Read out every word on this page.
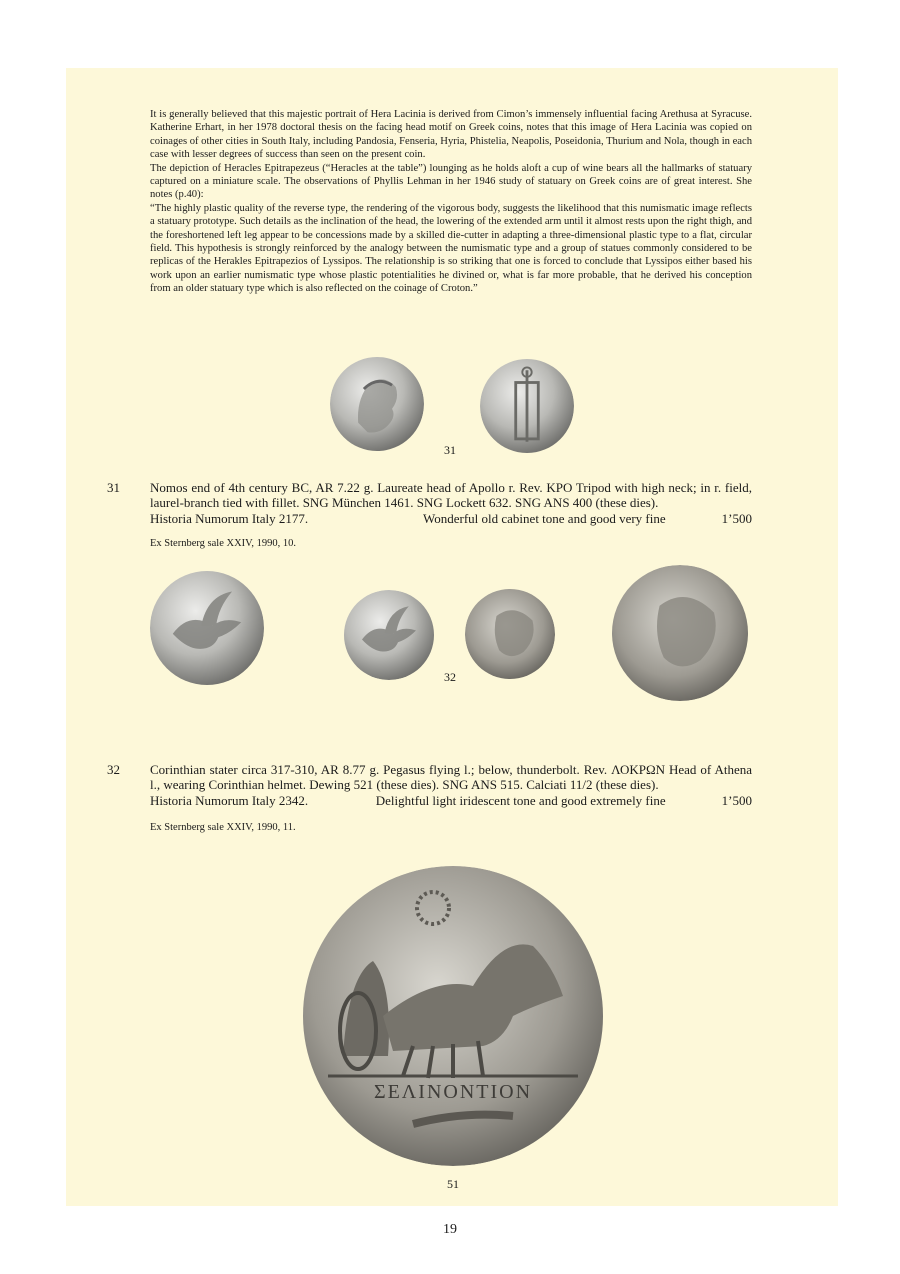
It is generally believed that this majestic portrait of Hera Lacinia is derived from Cimon’s immensely influential facing Arethusa at Syracuse. Katherine Erhart, in her 1978 doctoral thesis on the facing head motif on Greek coins, notes that this image of Hera Lacinia was copied on coinages of other cities in South Italy, including Pandosia, Fenseria, Hyria, Phistelia, Neapolis, Poseidonia, Thurium and Nola, though in each case with lesser degrees of success than seen on the present coin.

The depiction of Heracles Epitrapezeus (“Heracles at the table”) lounging as he holds aloft a cup of wine bears all the hallmarks of statuary captured on a miniature scale. The observations of Phyllis Lehman in her 1946 study of statuary on Greek coins are of great interest. She notes (p.40):

“The highly plastic quality of the reverse type, the rendering of the vigorous body, suggests the likelihood that this numismatic image reflects a statuary prototype. Such details as the inclination of the head, the lowering of the extended arm until it almost rests upon the right thigh, and the foreshortened left leg appear to be concessions made by a skilled die-cutter in adapting a three-dimensional plastic type to a flat, circular field. This hypothesis is strongly reinforced by the analogy between the numismatic type and a group of statues commonly considered to be replicas of the Herakles Epitrapezios of Lyssipos. The relationship is so striking that one is forced to conclude that Lyssipos either based his work upon an earlier numismatic type whose plastic potentialities he divined or, what is far more probable, that he derived his conception from an older statuary type which is also reflected on the coinage of Croton.”

31
31 Nomos end of 4th century BC, AR 7.22 g. Laureate head of Apollo r. Rev. KPO Tripod with high neck; in r. field, laurel-branch tied with fillet. SNG München 1461. SNG Lockett 632. SNG ANS 400 (these dies).
Historia Numorum Italy 2177.	Wonderful old cabinet tone and good very fine	1’500
Ex Sternberg sale XXIV, 1990, 10.
32
32 Corinthian stater circa 317-310, AR 8.77 g. Pegasus flying l.; below, thunderbolt. Rev. ΛΟΚΡΩΝ Head of Athena l., wearing Corinthian helmet. Dewing 521 (these dies). SNG ANS 515. Calciati 11/2 (these dies).
Historia Numorum Italy 2342.	Delightful light iridescent tone and good extremely fine	1’500
Ex Sternberg sale XXIV, 1990, 11.
ΣΕΛΙΝΟΝΤΙΟΝ
51
19
